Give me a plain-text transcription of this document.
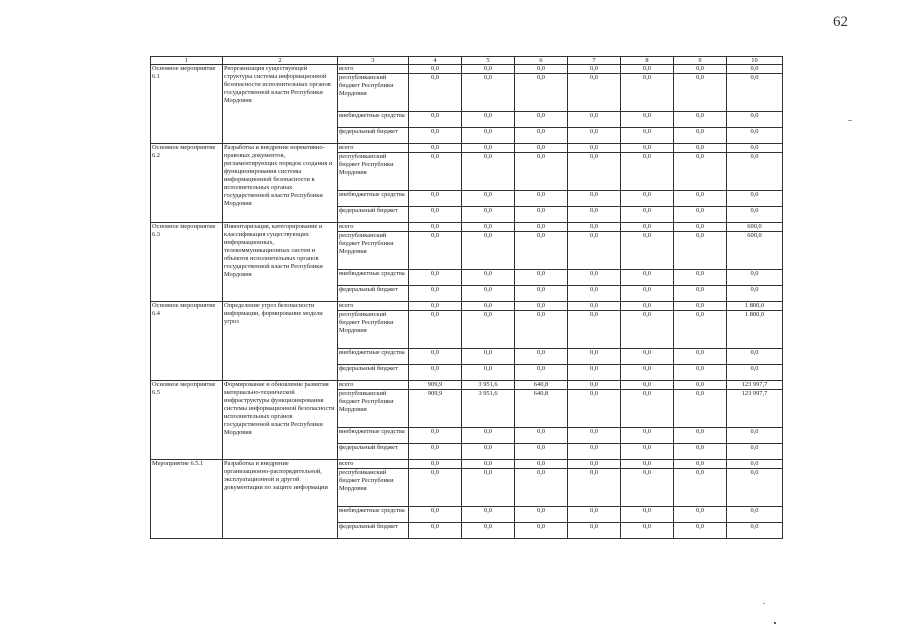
62
1	2	3	4	5	6	7	8	9	10
Основное мероприятие 6.1	Реорганизация существующей структуры системы информационной безопасности исполнительных органов государственной власти Республики Мордовия	всего	0,0	0,0	0,0	0,0	0,0	0,0	0,0
		республиканский бюджет Республики Мордовия	0,0	0,0	0,0	0,0	0,0	0,0	0,0
		внебюджетные средства	0,0	0,0	0,0	0,0	0,0	0,0	0,0
		федеральный бюджет	0,0	0,0	0,0	0,0	0,0	0,0	0,0
Основное мероприятие 6.2	Разработка и внедрение нормативно-правовых документов, регламентирующих порядок создания и функционирования системы информационной безопасности в исполнительных органах государственной власти Республики Мордовия	всего	0,0	0,0	0,0	0,0	0,0	0,0	0,0
		республиканский бюджет Республики Мордовия	0,0	0,0	0,0	0,0	0,0	0,0	0,0
		внебюджетные средства	0,0	0,0	0,0	0,0	0,0	0,0	0,0
		федеральный бюджет	0,0	0,0	0,0	0,0	0,0	0,0	0,0
Основное мероприятие 6.3	Инвентаризация, категорирование и классификация существующих информационных, телекоммуникационных систем и объектов исполнительных органов государственной власти Республики Мордовия	всего	0,0	0,0	0,0	0,0	0,0	0,0	600,0
		республиканский бюджет Республики Мордовия	0,0	0,0	0,0	0,0	0,0	0,0	600,0
		внебюджетные средства	0,0	0,0	0,0	0,0	0,0	0,0	0,0
		федеральный бюджет	0,0	0,0	0,0	0,0	0,0	0,0	0,0
Основное мероприятие 6.4	Определение угроз безопасности информации, формирование модели угроз	всего	0,0	0,0	0,0	0,0	0,0	0,0	1 800,0
		республиканский бюджет Республики Мордовия	0,0	0,0	0,0	0,0	0,0	0,0	1 800,0
		внебюджетные средства	0,0	0,0	0,0	0,0	0,0	0,0	0,0
		федеральный бюджет	0,0	0,0	0,0	0,0	0,0	0,0	0,0
Основное мероприятие 6.5	Формирование и обновление развития материально-технической инфраструктуры функционирования системы информационной безопасности исполнительных органов государственной власти Республики Мордовия	всего	909,9	3 951,6	640,8	0,0	0,0	0,0	123 997,7
		республиканский бюджет Республики Мордовия	909,9	3 951,6	640,8	0,0	0,0	0,0	123 997,7
		внебюджетные средства	0,0	0,0	0,0	0,0	0,0	0,0	0,0
		федеральный бюджет	0,0	0,0	0,0	0,0	0,0	0,0	0,0
Мероприятие 6.5.1	Разработка и внедрение организационно-распорядительной, эксплуатационной и другой документации по защите информации	всего	0,0	0,0	0,0	0,0	0,0	0,0	0,0
		республиканский бюджет Республики Мордовия	0,0	0,0	0,0	0,0	0,0	0,0	0,0
		внебюджетные средства	0,0	0,0	0,0	0,0	0,0	0,0	0,0
		федеральный бюджет	0,0	0,0	0,0	0,0	0,0	0,0	0,0
